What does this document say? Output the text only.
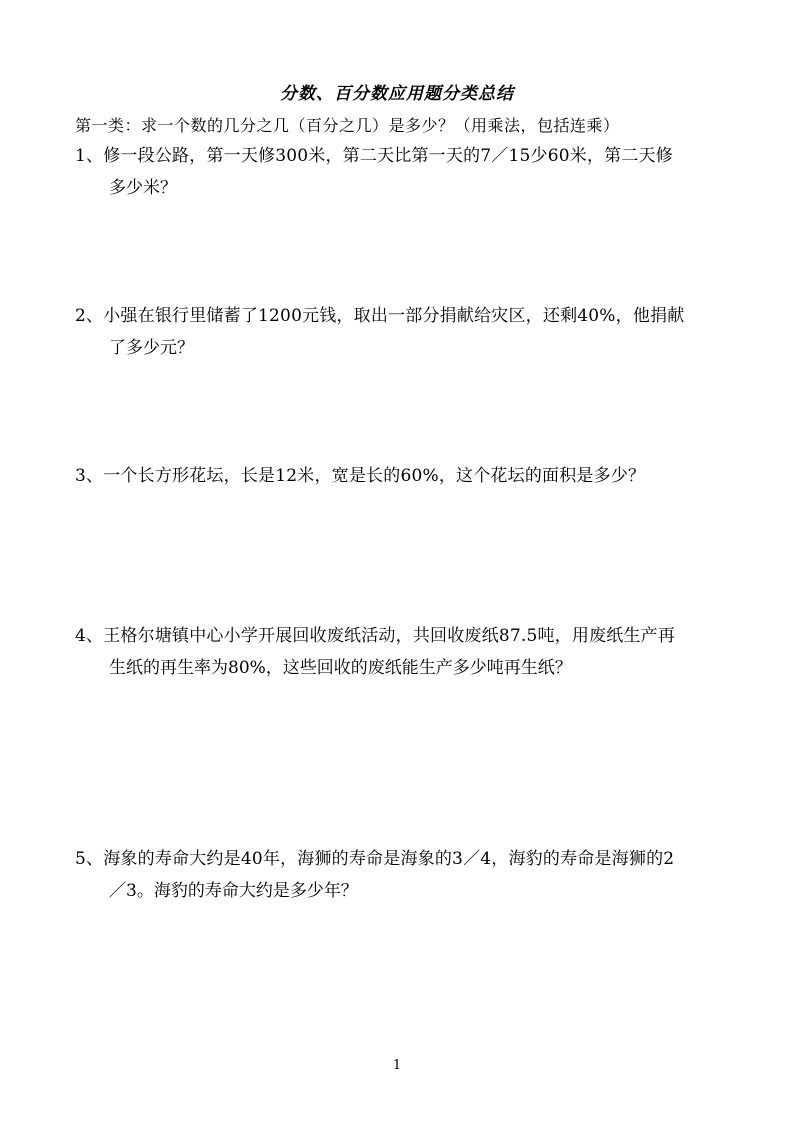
分数、百分数应用题分类总结
第一类：求一个数的几分之几（百分之几）是多少？（用乘法，包括连乘）
1、修一段公路，第一天修300米，第二天比第一天的7／15少60米，第二天修
多少米？
2、小强在银行里储蓄了1200元钱，取出一部分捐献给灾区，还剩40%，他捐献
了多少元？
3、一个长方形花坛，长是12米，宽是长的60%，这个花坛的面积是多少？
4、王格尔塘镇中心小学开展回收废纸活动，共回收废纸87.5吨，用废纸生产再
生纸的再生率为80%，这些回收的废纸能生产多少吨再生纸？
5、海象的寿命大约是40年，海狮的寿命是海象的3／4，海豹的寿命是海狮的2
／3。海豹的寿命大约是多少年？
1
